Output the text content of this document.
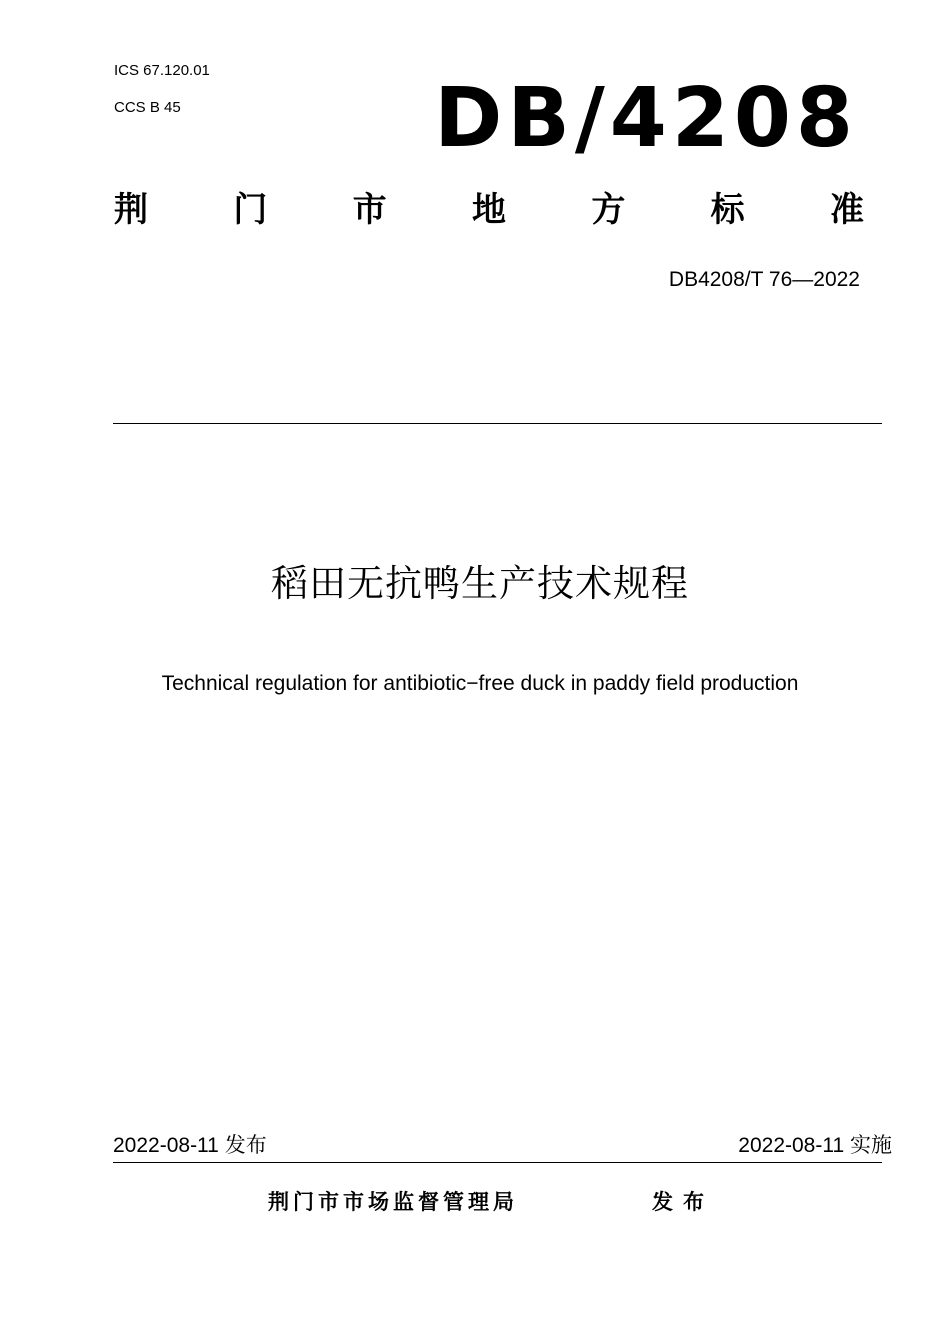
ICS 67.120.01
CCS B 45	DB/4208
荆	门	市	地	方	标	准
DB4208/T 76—2022
稻田无抗鸭生产技术规程
Technical regulation for antibiotic−free duck in paddy field production
2022-08-11 发布	2022-08-11 实施
荆门市市场监督管理局	发布
